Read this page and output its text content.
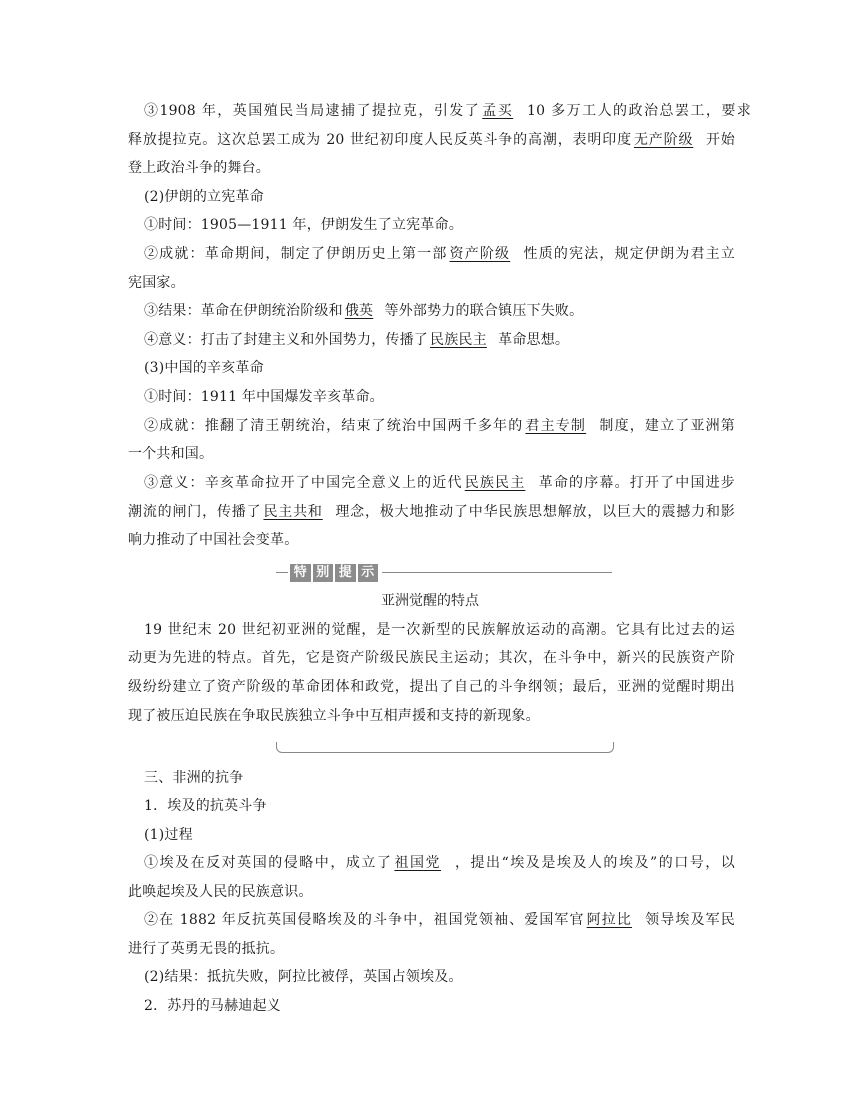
③1908 年，英国殖民当局逮捕了提拉克，引发了 孟买 10 多万工人的政治总罢工，要求
释放提拉克。这次总罢工成为 20 世纪初印度人民反英斗争的高潮，表明印度 无产阶级 开始
登上政治斗争的舞台。
(2)伊朗的立宪革命
①时间：1905—1911 年，伊朗发生了立宪革命。
②成就：革命期间，制定了伊朗历史上第一部 资产阶级 性质的宪法，规定伊朗为君主立
宪国家。
③结果：革命在伊朗统治阶级和 俄英 等外部势力的联合镇压下失败。
④意义：打击了封建主义和外国势力，传播了 民族民主 革命思想。
(3)中国的辛亥革命
①时间：1911 年中国爆发辛亥革命。
②成就：推翻了清王朝统治，结束了统治中国两千多年的 君主专制 制度，建立了亚洲第
一个共和国。
③意义：辛亥革命拉开了中国完全意义上的近代 民族民主 革命的序幕。打开了中国进步
潮流的闸门，传播了 民主共和 理念，极大地推动了中华民族思想解放，以巨大的震撼力和影
响力推动了中国社会变革。
特 别 提 示
亚洲觉醒的特点
19 世纪末 20 世纪初亚洲的觉醒，是一次新型的民族解放运动的高潮。它具有比过去的运
动更为先进的特点。首先，它是资产阶级民族民主运动；其次，在斗争中，新兴的民族资产阶
级纷纷建立了资产阶级的革命团体和政党，提出了自己的斗争纲领；最后，亚洲的觉醒时期出
现了被压迫民族在争取民族独立斗争中互相声援和支持的新现象。
三、非洲的抗争
1．埃及的抗英斗争
(1)过程
①埃及在反对英国的侵略中，成立了 祖国党 ，提出“埃及是埃及人的埃及”的口号，以
此唤起埃及人民的民族意识。
②在 1882 年反抗英国侵略埃及的斗争中，祖国党领袖、爱国军官 阿拉比 领导埃及军民
进行了英勇无畏的抵抗。
(2)结果：抵抗失败，阿拉比被俘，英国占领埃及。
2．苏丹的马赫迪起义
